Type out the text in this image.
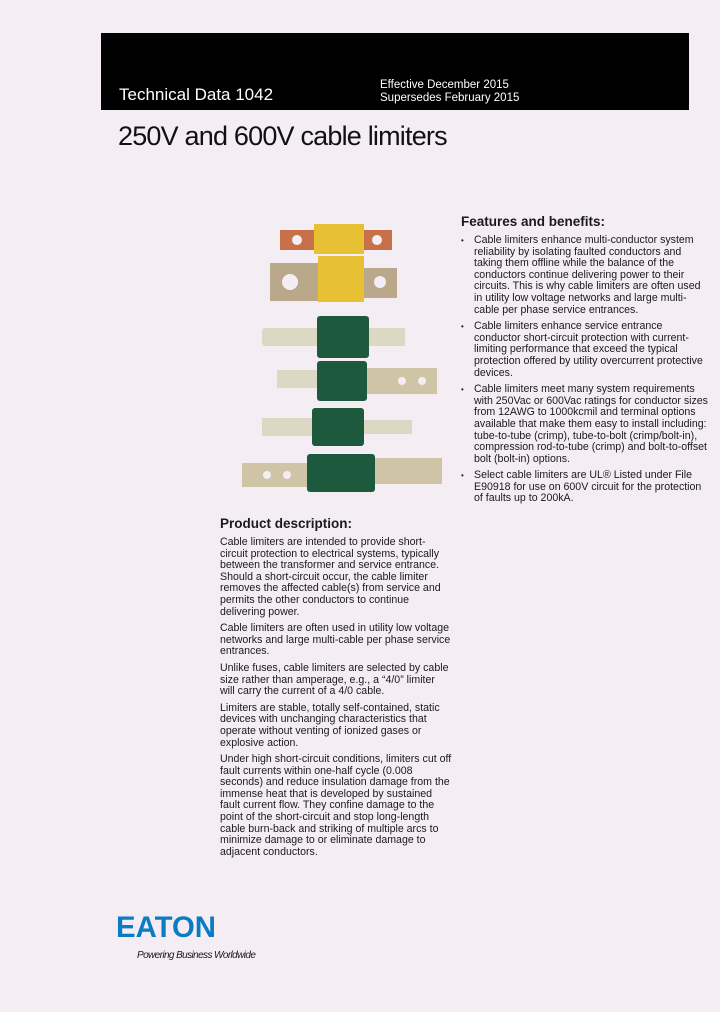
Technical Data 1042	Effective December 2015
Supersedes February 2015
250V and 600V cable limiters
Features and benefits:
• Cable limiters enhance multi-conductor system reliability by isolating faulted conductors and taking them offline while the balance of the conductors continue delivering power to their circuits. This is why cable limiters are often used in utility low voltage networks and large multi-cable per phase service entrances.
• Cable limiters enhance service entrance conductor short-circuit protection with current-limiting performance that exceed the typical protection offered by utility overcurrent protective devices.
• Cable limiters meet many system requirements with 250Vac or 600Vac ratings for conductor sizes from 12AWG to 1000kcmil and terminal options available that make them easy to install including: tube-to-tube (crimp), tube-to-bolt (crimp/bolt-in), compression rod-to-tube (crimp) and bolt-to-offset bolt (bolt-in) options.
• Select cable limiters are UL® Listed under File E90918 for use on 600V circuit for the protection of faults up to 200kA.
Product description:

Cable limiters are intended to provide short-circuit protection to electrical systems, typically between the transformer and service entrance. Should a short-circuit occur, the cable limiter removes the affected cable(s) from service and permits the other conductors to continue delivering power.

Cable limiters are often used in utility low voltage networks and large multi-cable per phase service entrances.

Unlike fuses, cable limiters are selected by cable size rather than amperage, e.g., a “4/0” limiter will carry the current of a 4/0 cable.

Limiters are stable, totally self-contained, static devices with unchanging characteristics that operate without venting of ionized gases or explosive action.

Under high short-circuit conditions, limiters cut off fault currents within one-half cycle (0.008 seconds) and reduce insulation damage from the immense heat that is developed by sustained fault current flow. They confine damage to the point of the short-circuit and stop long-length cable burn-back and striking of multiple arcs to minimize damage to or eliminate damage to adjacent conductors.

EATON
Powering Business Worldwide
